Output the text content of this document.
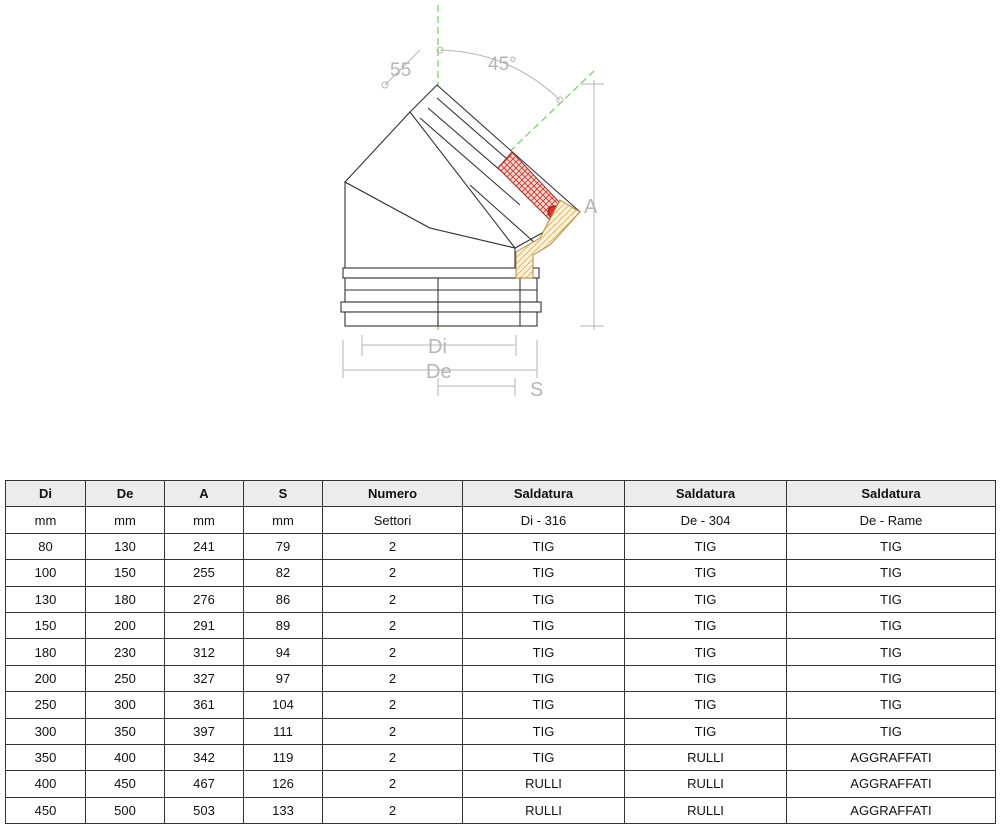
55	45°
A
Di
De
S
Di	De	A	S	Numero	Saldatura	Saldatura	Saldatura
mm	mm	mm	mm	Settori	Di - 316	De - 304	De - Rame
80	130	241	79	2	TIG	TIG	TIG
100	150	255	82	2	TIG	TIG	TIG
130	180	276	86	2	TIG	TIG	TIG
150	200	291	89	2	TIG	TIG	TIG
180	230	312	94	2	TIG	TIG	TIG
200	250	327	97	2	TIG	TIG	TIG
250	300	361	104	2	TIG	TIG	TIG
300	350	397	111	2	TIG	TIG	TIG
350	400	342	119	2	TIG	RULLI	AGGRAFFATI
400	450	467	126	2	RULLI	RULLI	AGGRAFFATI
450	500	503	133	2	RULLI	RULLI	AGGRAFFATI
